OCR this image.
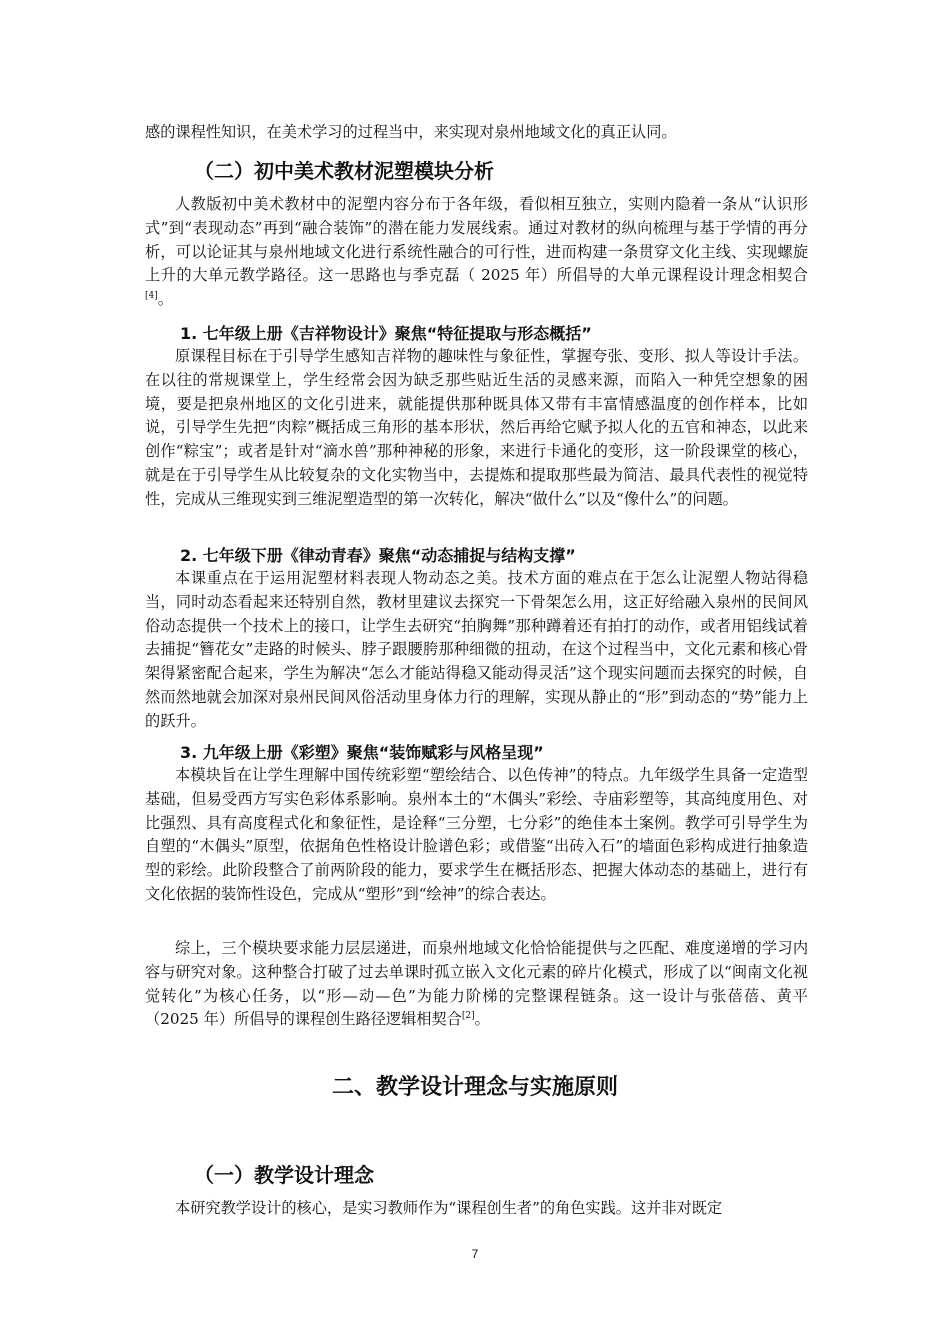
感的课程性知识，在美术学习的过程当中，来实现对泉州地域文化的真正认同。

（二）初中美术教材泥塑模块分析

人教版初中美术教材中的泥塑内容分布于各年级，看似相互独立，实则内隐着一条从“认识形式”到“表现动态”再到“融合装饰”的潜在能力发展线索。通过对教材的纵向梳理与基于学情的再分析，可以论证其与泉州地域文化进行系统性融合的可行性，进而构建一条贯穿文化主线、实现螺旋上升的大单元教学路径。这一思路也与季克磊（ 2025 年）所倡导的大单元课程设计理念相契合[4]。

1. 七年级上册《吉祥物设计》聚焦“特征提取与形态概括”

原课程目标在于引导学生感知吉祥物的趣味性与象征性，掌握夸张、变形、拟人等设计手法。在以往的常规课堂上，学生经常会因为缺乏那些贴近生活的灵感来源，而陷入一种凭空想象的困境，要是把泉州地区的文化引进来，就能提供那种既具体又带有丰富情感温度的创作样本，比如说，引导学生先把“肉粽”概括成三角形的基本形状，然后再给它赋予拟人化的五官和神态，以此来创作“粽宝”；或者是针对“滴水兽”那种神秘的形象，来进行卡通化的变形，这一阶段课堂的核心，就是在于引导学生从比较复杂的文化实物当中，去提炼和提取那些最为简洁、最具代表性的视觉特性，完成从三维现实到三维泥塑造型的第一次转化，解决“做什么”以及“像什么”的问题。

2. 七年级下册《律动青春》聚焦“动态捕捉与结构支撑”

本课重点在于运用泥塑材料表现人物动态之美。技术方面的难点在于怎么让泥塑人物站得稳当，同时动态看起来还特别自然，教材里建议去探究一下骨架怎么用，这正好给融入泉州的民间风俗动态提供一个技术上的接口，让学生去研究“拍胸舞”那种蹲着还有拍打的动作，或者用铝线试着去捕捉“簪花女”走路的时候头、脖子跟腰胯那种细微的扭动，在这个过程当中，文化元素和核心骨架得紧密配合起来，学生为解决“怎么才能站得稳又能动得灵活”这个现实问题而去探究的时候，自然而然地就会加深对泉州民间风俗活动里身体力行的理解，实现从静止的“形”到动态的“势”能力上的跃升。

3. 九年级上册《彩塑》聚焦“装饰赋彩与风格呈现”

本模块旨在让学生理解中国传统彩塑“塑绘结合、以色传神”的特点。九年级学生具备一定造型基础，但易受西方写实色彩体系影响。泉州本土的“木偶头”彩绘、寺庙彩塑等，其高纯度用色、对比强烈、具有高度程式化和象征性，是诠释“三分塑，七分彩”的绝佳本土案例。教学可引导学生为自塑的“木偶头”原型，依据角色性格设计脸谱色彩；或借鉴“出砖入石”的墙面色彩构成进行抽象造型的彩绘。此阶段整合了前两阶段的能力，要求学生在概括形态、把握大体动态的基础上，进行有文化依据的装饰性设色，完成从“塑形”到“绘神”的综合表达。

综上，三个模块要求能力层层递进，而泉州地域文化恰恰能提供与之匹配、难度递增的学习内容与研究对象。这种整合打破了过去单课时孤立嵌入文化元素的碎片化模式，形成了以“闽南文化视觉转化”为核心任务，以“形—动—色”为能力阶梯的完整课程链条。这一设计与张蓓蓓、黄平（2025 年）所倡导的课程创生路径逻辑相契合[2]。

二、教学设计理念与实施原则
（一）教学设计理念

本研究教学设计的核心，是实习教师作为“课程创生者”的角色实践。这并非对既定

7
